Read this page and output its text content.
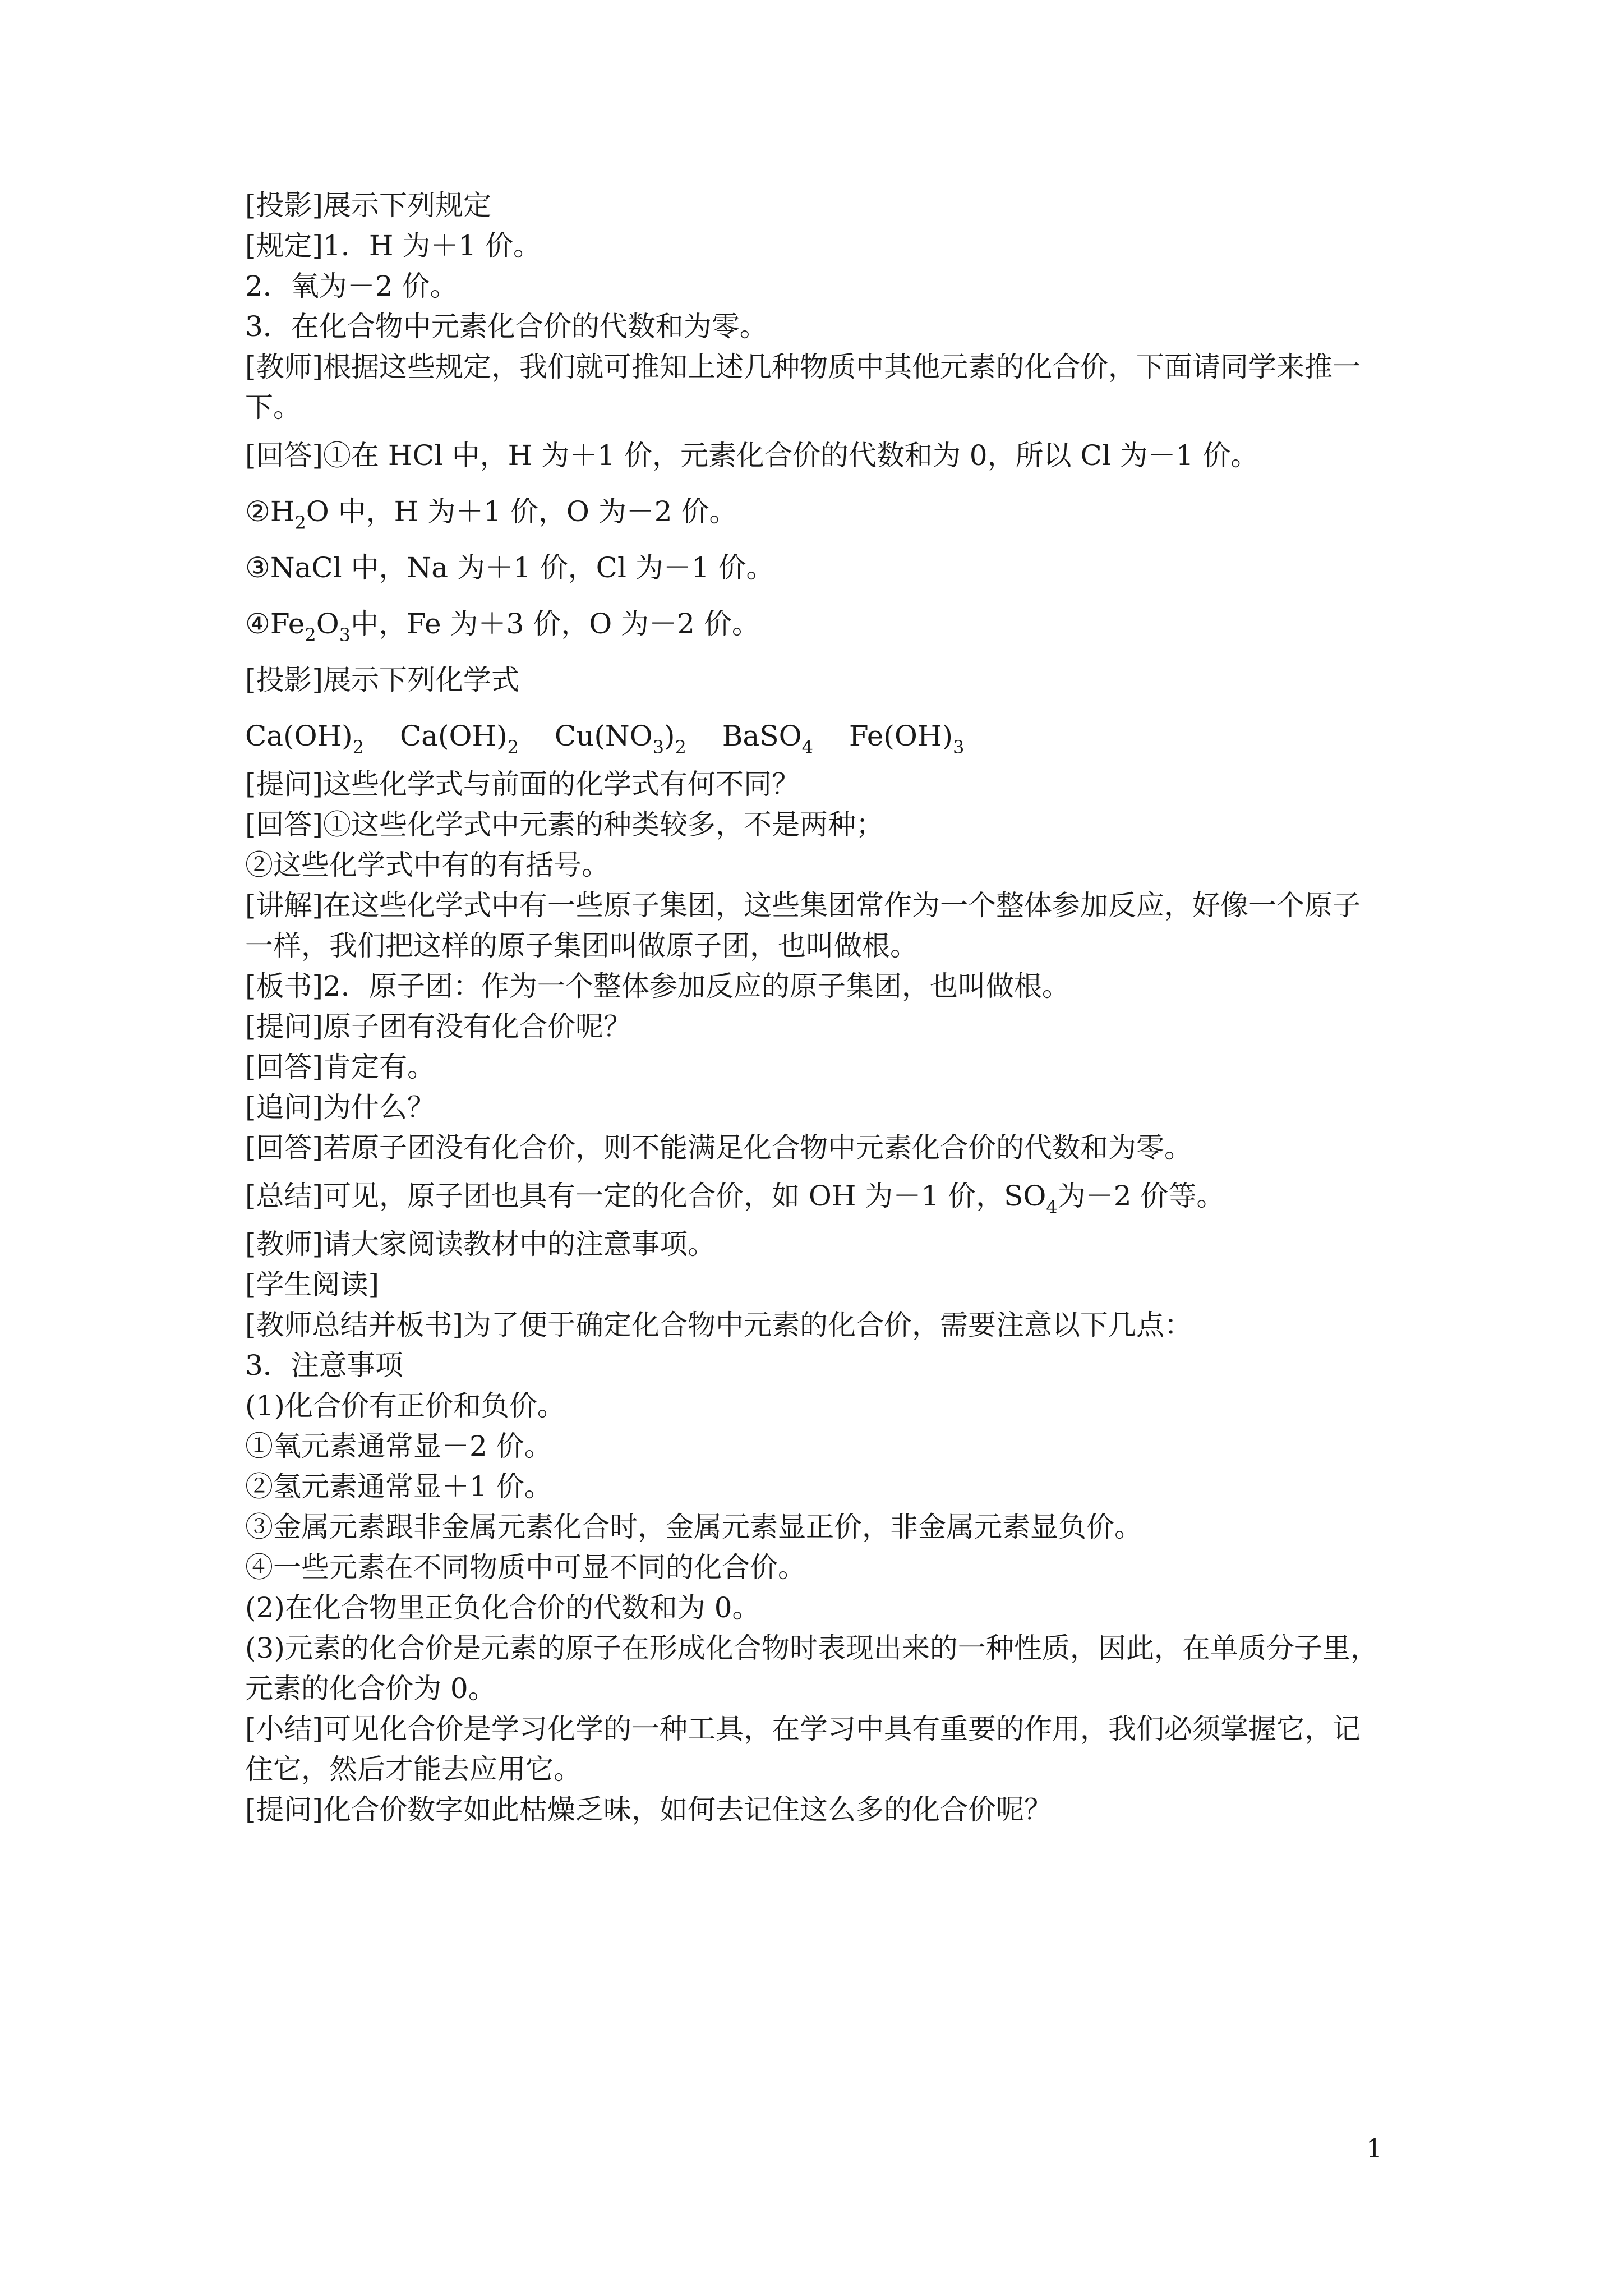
[投影]展示下列规定
[规定]1．H 为＋1 价。
2．氧为－2 价。
3．在化合物中元素化合价的代数和为零。
[教师]根据这些规定，我们就可推知上述几种物质中其他元素的化合价，下面请同学来推一
下。
[回答]①在 HCl 中，H 为＋1 价，元素化合价的代数和为 0，所以 Cl 为－1 价。
$②H_2O$ 中，H 为＋1 价，O 为－2 价。
③NaCl 中，Na 为＋1 价，Cl 为－1 价。
$④Fe_2O_3$中，Fe 为＋3 价，O 为－2 价。
[投影]展示下列化学式
$Ca(OH)_2$ $Ca(OH)_2$ $Cu(NO_3)_2$ BaSO$_4$ $Fe(OH)_3$
[提问]这些化学式与前面的化学式有何不同？
[回答]①这些化学式中元素的种类较多，不是两种；
②这些化学式中有的有括号。
[讲解]在这些化学式中有一些原子集团，这些集团常作为一个整体参加反应，好像一个原子
一样，我们把这样的原子集团叫做原子团，也叫做根。
[板书]2．原子团：作为一个整体参加反应的原子集团，也叫做根。
[提问]原子团有没有化合价呢？
[回答]肯定有。
[追问]为什么？
[回答]若原子团没有化合价，则不能满足化合物中元素化合价的代数和为零。
[总结]可见，原子团也具有一定的化合价，如 OH 为－1 价，$SO_4$为－2 价等。
[教师]请大家阅读教材中的注意事项。
[学生阅读]
[教师总结并板书]为了便于确定化合物中元素的化合价，需要注意以下几点：
3．注意事项
(1)化合价有正价和负价。
①氧元素通常显－2 价。
②氢元素通常显＋1 价。
③金属元素跟非金属元素化合时，金属元素显正价，非金属元素显负价。
④一些元素在不同物质中可显不同的化合价。
(2)在化合物里正负化合价的代数和为 0。
(3)元素的化合价是元素的原子在形成化合物时表现出来的一种性质，因此，在单质分子里，
元素的化合价为 0。
[小结]可见化合价是学习化学的一种工具，在学习中具有重要的作用，我们必须掌握它，记
住它，然后才能去应用它。
[提问]化合价数字如此枯燥乏味，如何去记住这么多的化合价呢？
1
